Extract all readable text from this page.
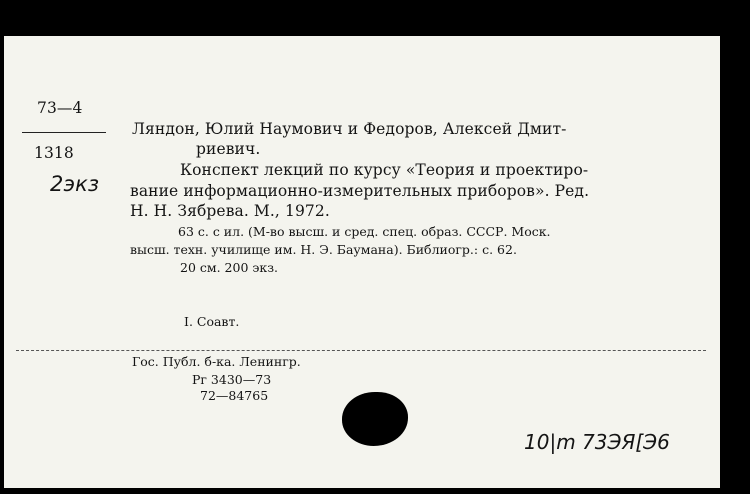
73—4
1318
2экз
Ляндон, Юлий Наумович и Федоров, Алексей Дмит-
риевич.
Конспект лекций по курсу «Теория и проектиро-
вание информационно-измерительных приборов». Ред.
Н. Н. Зябрева. М., 1972.
63 с. с ил. (М-во высш. и сред. спец. образ. СССР. Моск.
высш. техн. училище им. Н. Э. Баумана). Библиогр.: с. 62.
20 см. 200 экз.
I. Соавт.
Гос. Публ. б-ка. Ленингр.
Рг 3430—73
72—84765
10|m 73ЭЯ[Э6
